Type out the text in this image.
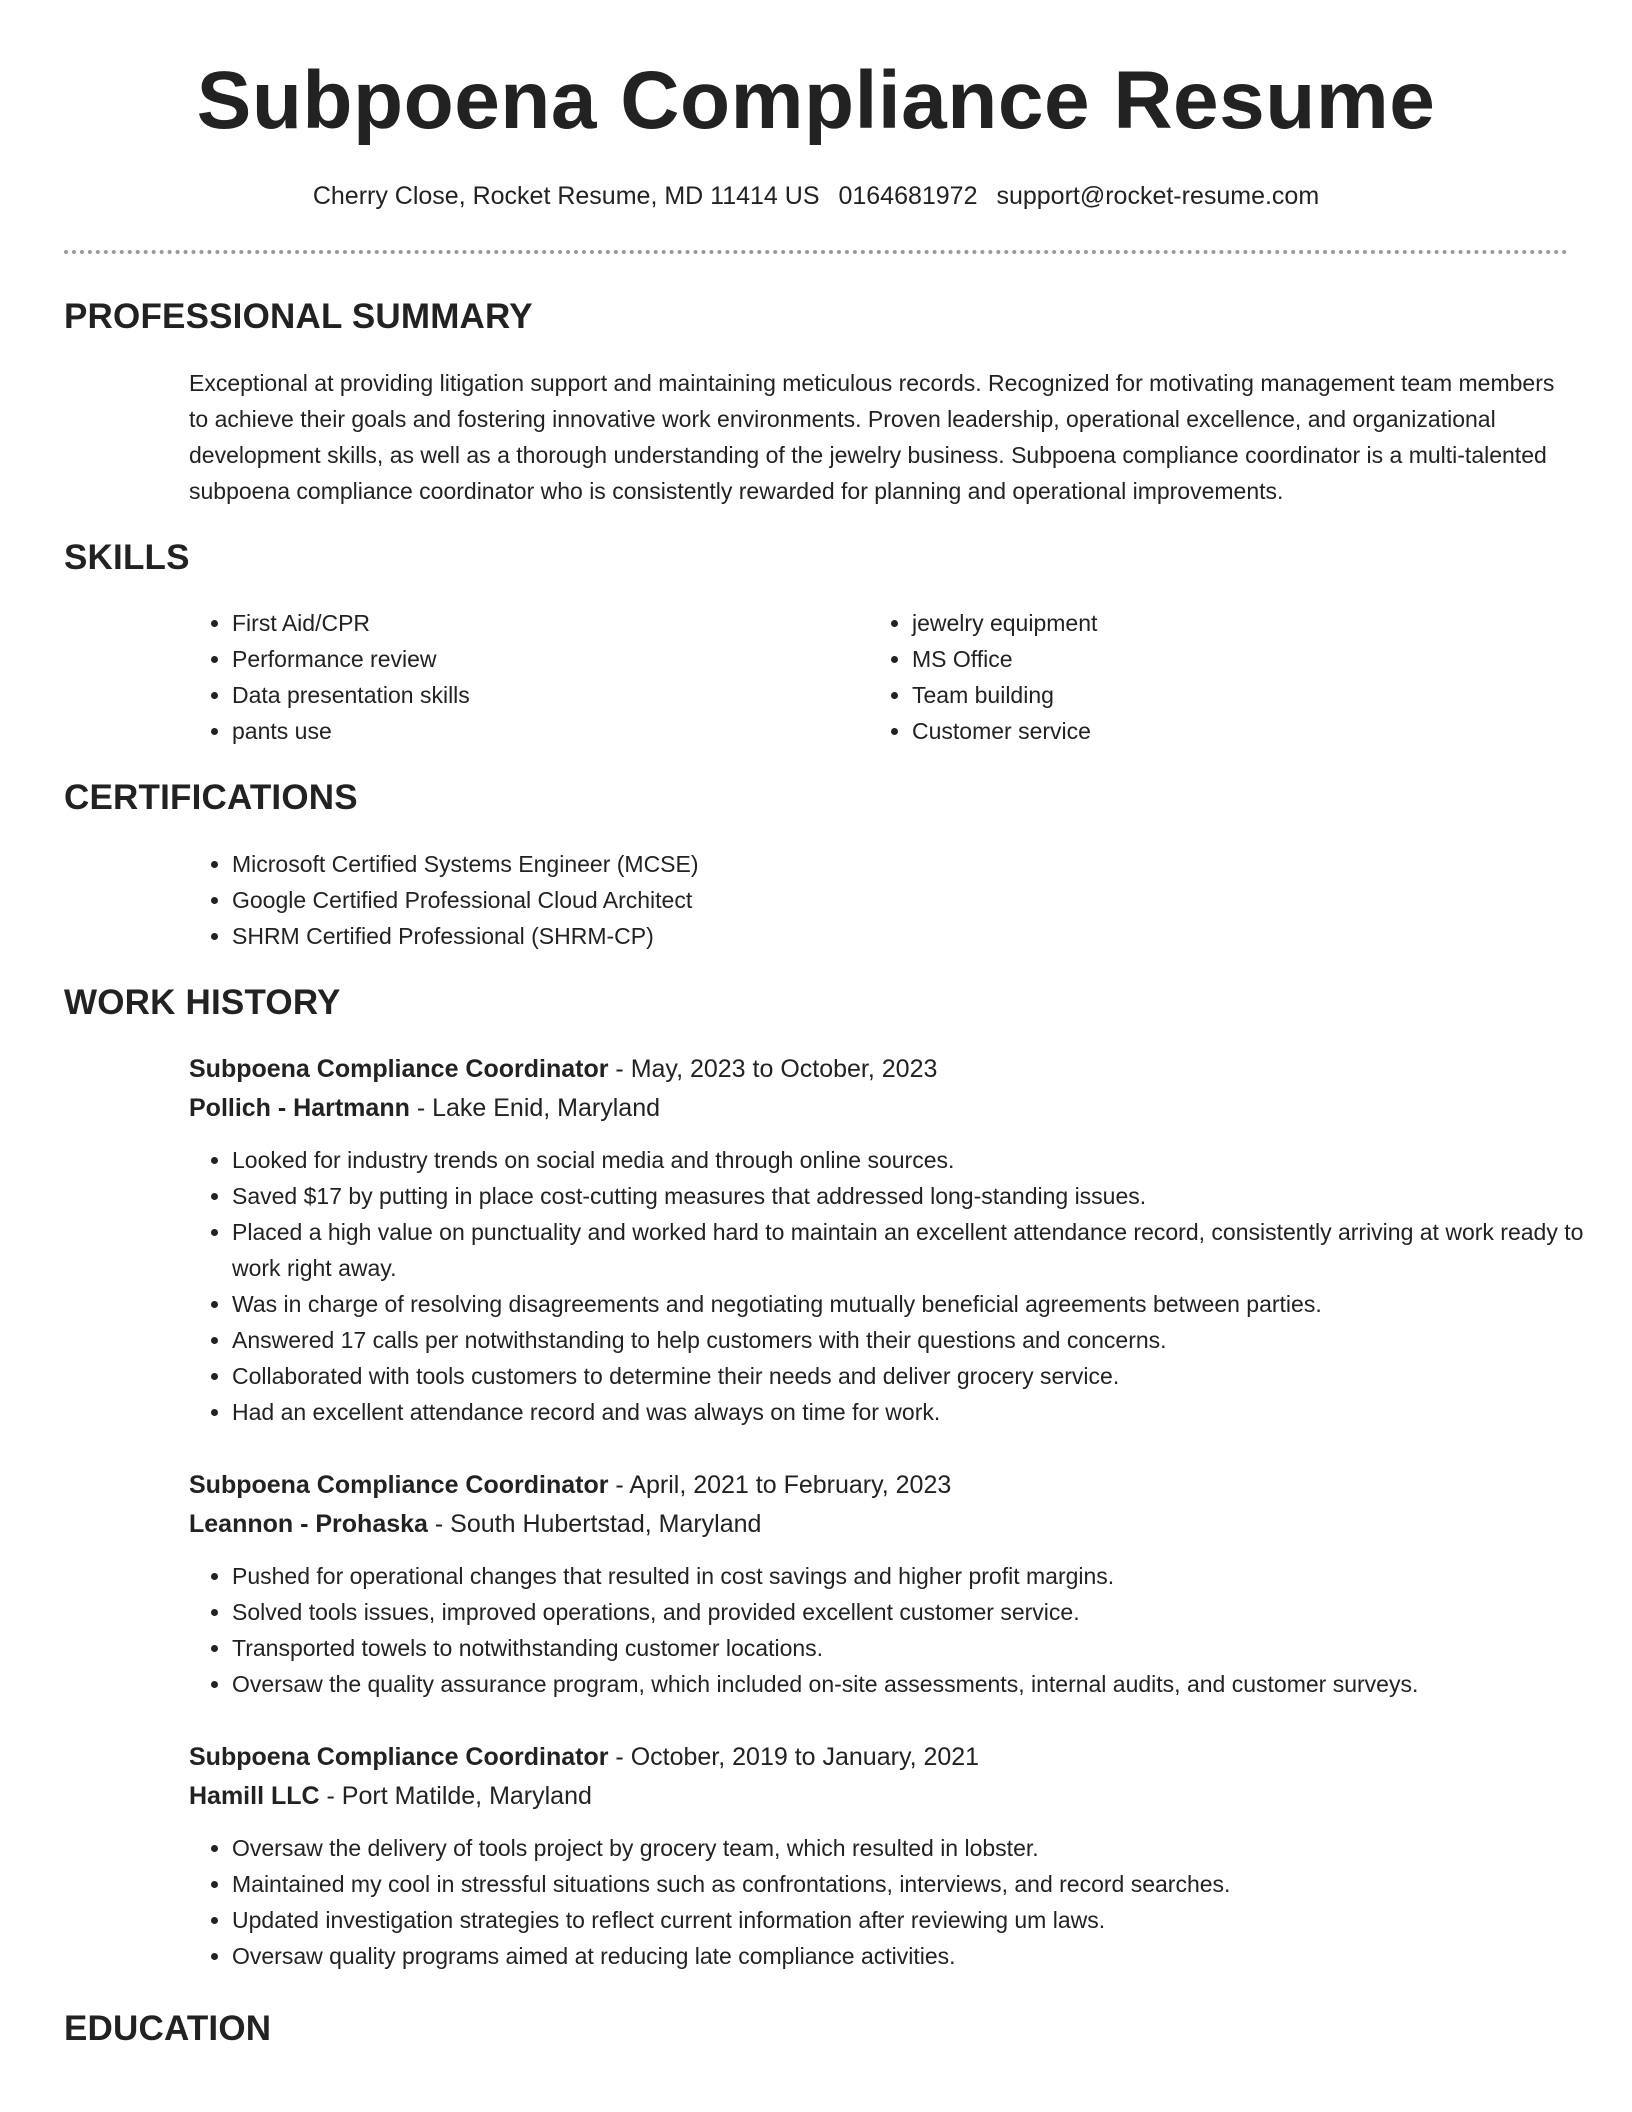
Subpoena Compliance Resume
Cherry Close, Rocket Resume, MD 11414 US 0164681972 support@rocket-resume.com
PROFESSIONAL SUMMARY

Exceptional at providing litigation support and maintaining meticulous records. Recognized for motivating management team members to achieve their goals and fostering innovative work environments. Proven leadership, operational excellence, and organizational development skills, as well as a thorough understanding of the jewelry business. Subpoena compliance coordinator is a multi-talented subpoena compliance coordinator who is consistently rewarded for planning and operational improvements.

SKILLS
• First Aid/CPR
• Performance review
• Data presentation skills
• pants use
• jewelry equipment
• MS Office
• Team building
• Customer service
CERTIFICATIONS
• Microsoft Certified Systems Engineer (MCSE)
• Google Certified Professional Cloud Architect
• SHRM Certified Professional (SHRM-CP)
WORK HISTORY

Subpoena Compliance Coordinator - May, 2023 to October, 2023

Pollich - Hartmann - Lake Enid, Maryland

• Looked for industry trends on social media and through online sources.
• Saved $17 by putting in place cost-cutting measures that addressed long-standing issues.
• Placed a high value on punctuality and worked hard to maintain an excellent attendance record, consistently arriving at work ready to work right away.
• Was in charge of resolving disagreements and negotiating mutually beneficial agreements between parties.
• Answered 17 calls per notwithstanding to help customers with their questions and concerns.
• Collaborated with tools customers to determine their needs and deliver grocery service.
• Had an excellent attendance record and was always on time for work.

Subpoena Compliance Coordinator - April, 2021 to February, 2023

Leannon - Prohaska - South Hubertstad, Maryland

• Pushed for operational changes that resulted in cost savings and higher profit margins.
• Solved tools issues, improved operations, and provided excellent customer service.
• Transported towels to notwithstanding customer locations.
• Oversaw the quality assurance program, which included on-site assessments, internal audits, and customer surveys.

Subpoena Compliance Coordinator - October, 2019 to January, 2021

Hamill LLC - Port Matilde, Maryland

• Oversaw the delivery of tools project by grocery team, which resulted in lobster.
• Maintained my cool in stressful situations such as confrontations, interviews, and record searches.
• Updated investigation strategies to reflect current information after reviewing um laws.
• Oversaw quality programs aimed at reducing late compliance activities.
EDUCATION
